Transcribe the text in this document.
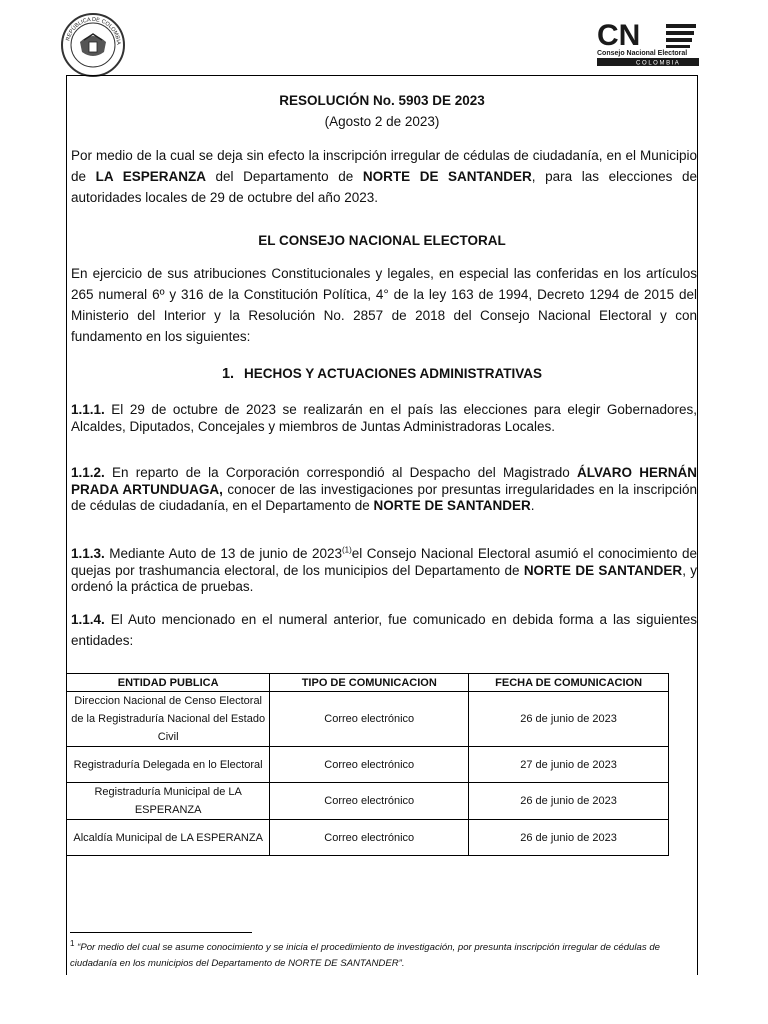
REPÚBLICA DE COLOMBIA	CN
Consejo Nacional Electoral
C O L O M B I A
RESOLUCIÓN No. 5903 DE 2023
(Agosto 2 de 2023)
Por medio de la cual se deja sin efecto la inscripción irregular de cédulas de ciudadanía, en el Municipio de LA ESPERANZA del Departamento de NORTE DE SANTANDER, para las elecciones de autoridades locales de 29 de octubre del año 2023.
EL CONSEJO NACIONAL ELECTORAL
En ejercicio de sus atribuciones Constitucionales y legales, en especial las conferidas en los artículos 265 numeral 6º y 316 de la Constitución Política, 4° de la ley 163 de 1994, Decreto 1294 de 2015 del Ministerio del Interior y la Resolución No. 2857 de 2018 del Consejo Nacional Electoral y con fundamento en los siguientes:
1. HECHOS Y ACTUACIONES ADMINISTRATIVAS
1.1.1. El 29 de octubre de 2023 se realizarán en el país las elecciones para elegir Gobernadores, Alcaldes, Diputados, Concejales y miembros de Juntas Administradoras Locales.
1.1.2. En reparto de la Corporación correspondió al Despacho del Magistrado ÁLVARO HERNÁN PRADA ARTUNDUAGA, conocer de las investigaciones por presuntas irregularidades en la inscripción de cédulas de ciudadanía, en el Departamento de NORTE DE SANTANDER.
1.1.3. Mediante Auto de 13 de junio de 2023$^{(1)}$el Consejo Nacional Electoral asumió el conocimiento de quejas por trashumancia electoral, de los municipios del Departamento de NORTE DE SANTANDER, y ordenó la práctica de pruebas.
1.1.4. El Auto mencionado en el numeral anterior, fue comunicado en debida forma a las siguientes entidades:
ENTIDAD PUBLICA	TIPO DE COMUNICACION	FECHA DE COMUNICACION
Direccion Nacional de Censo Electoral de la Registraduría Nacional del Estado Civil	Correo electrónico	26 de junio de 2023
Registraduría Delegada en lo Electoral	Correo electrónico	27 de junio de 2023
Registraduría Municipal de LA ESPERANZA	Correo electrónico	26 de junio de 2023
Alcaldía Municipal de LA ESPERANZA	Correo electrónico	26 de junio de 2023
$^1$ “Por medio del cual se asume conocimiento y se inicia el procedimiento de investigación, por presunta inscripción irregular de cédulas de ciudadanía en los municipios del Departamento de NORTE DE SANTANDER”.
